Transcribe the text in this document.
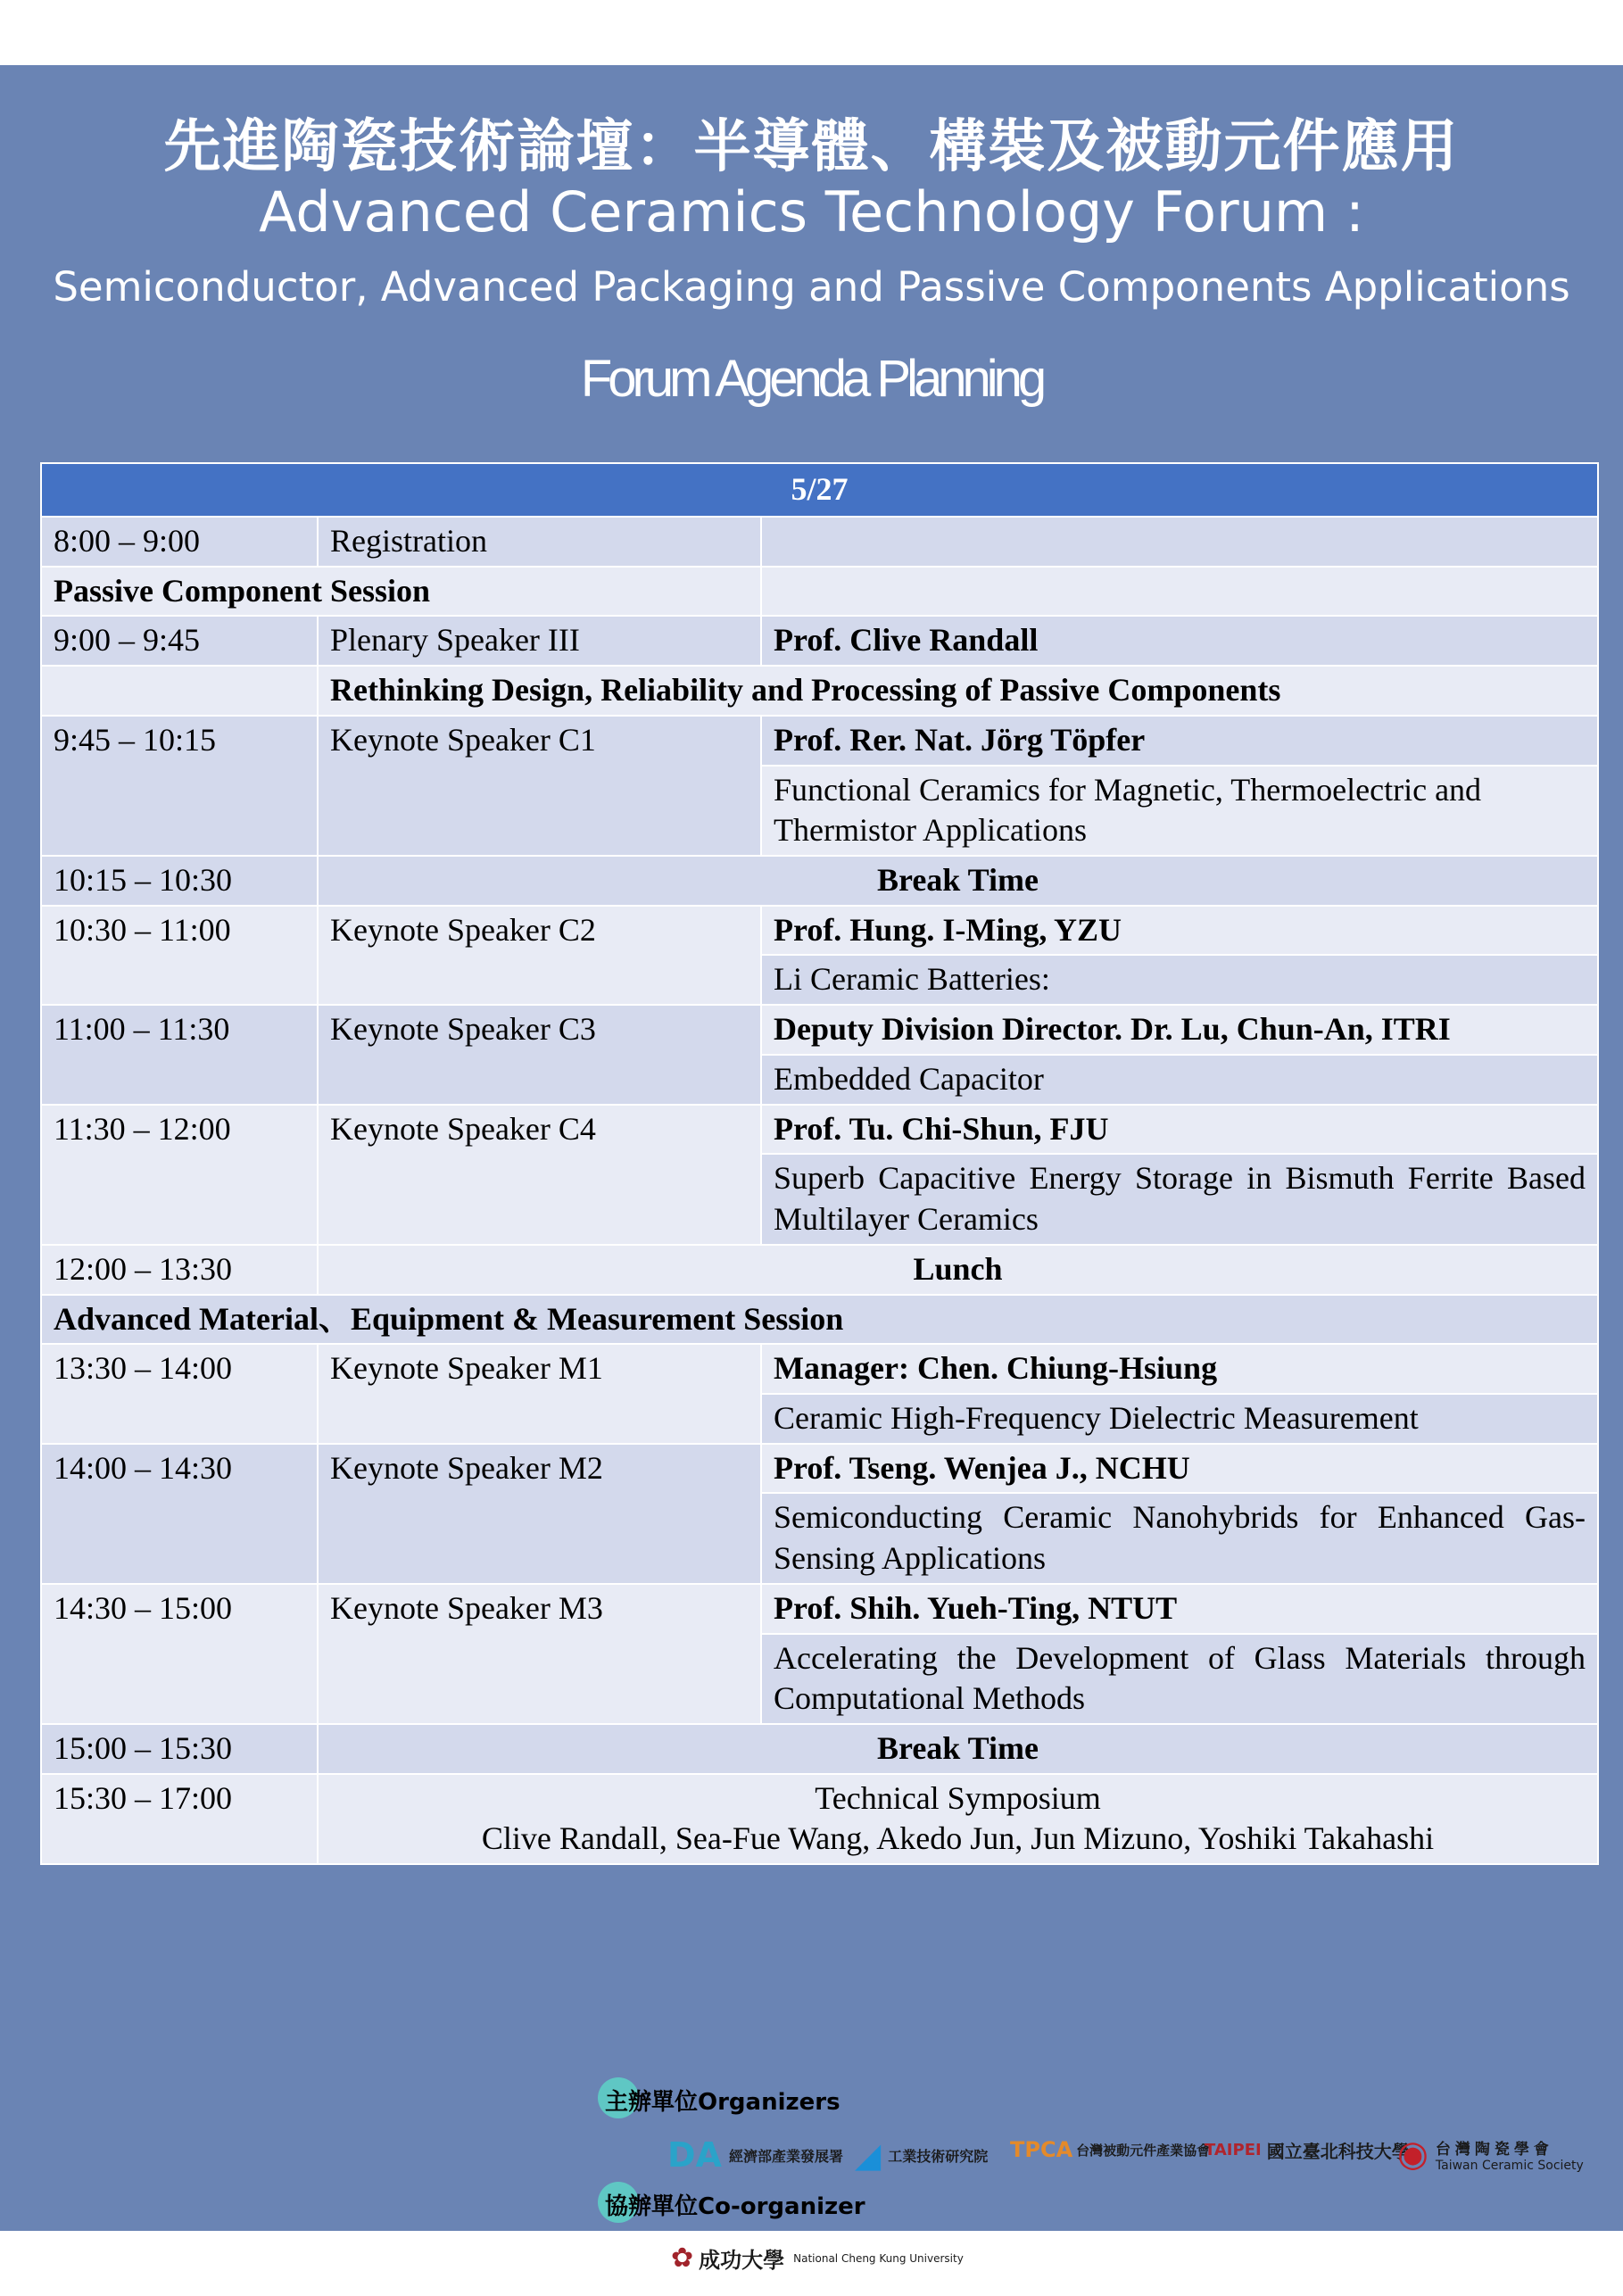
先進陶瓷技術論壇：半導體、構裝及被動元件應用
Advanced Ceramics Technology Forum :
Semiconductor, Advanced Packaging and Passive Components Applications
Forum Agenda Planning
5/27		
8:00 – 9:00	Registration	
Passive Component Session		
9:00 – 9:45	Plenary Speaker III	Prof. Clive Randall
	Rethinking Design, Reliability and Processing of Passive Components	
9:45 – 10:15	Keynote Speaker C1	Prof. Rer. Nat. Jörg Töpfer
		Functional Ceramics for Magnetic, Thermoelectric and Thermistor Applications
10:15 – 10:30	Break Time	
10:30 – 11:00	Keynote Speaker C2	Prof. Hung. I-Ming, YZU
		Li Ceramic Batteries:
11:00 – 11:30	Keynote Speaker C3	Deputy Division Director. Dr. Lu, Chun-An, ITRI
		Embedded Capacitor
11:30 – 12:00	Keynote Speaker C4	Prof. Tu. Chi-Shun, FJU
		Superb Capacitive Energy Storage in Bismuth Ferrite Based Multilayer Ceramics
12:00 – 13:30	Lunch	
Advanced Material、Equipment & Measurement Session		
13:30 – 14:00	Keynote Speaker M1	Manager: Chen. Chiung-Hsiung
		Ceramic High-Frequency Dielectric Measurement
14:00 – 14:30	Keynote Speaker M2	Prof. Tseng. Wenjea J., NCHU
		Semiconducting Ceramic Nanohybrids for Enhanced Gas-Sensing Applications
14:30 – 15:00	Keynote Speaker M3	Prof. Shih. Yueh-Ting, NTUT
		Accelerating the Development of Glass Materials through Computational Methods
15:00 – 15:30	Break Time	
15:30 – 17:00	Technical Symposium
Clive Randall, Sea-Fue Wang, Akedo Jun, Jun Mizuno, Yoshiki Takahashi	
主辦單位Organizers
DA 經濟部產業發展署 ◢ 工業技術研究院 TPCA 台灣被動元件產業協會
TAIPEI 國立臺北科技大學
◉ 台灣陶瓷學會
Taiwan Ceramic Society
協辦單位Co-organizer
✿ 成功大學 National Cheng Kung University
